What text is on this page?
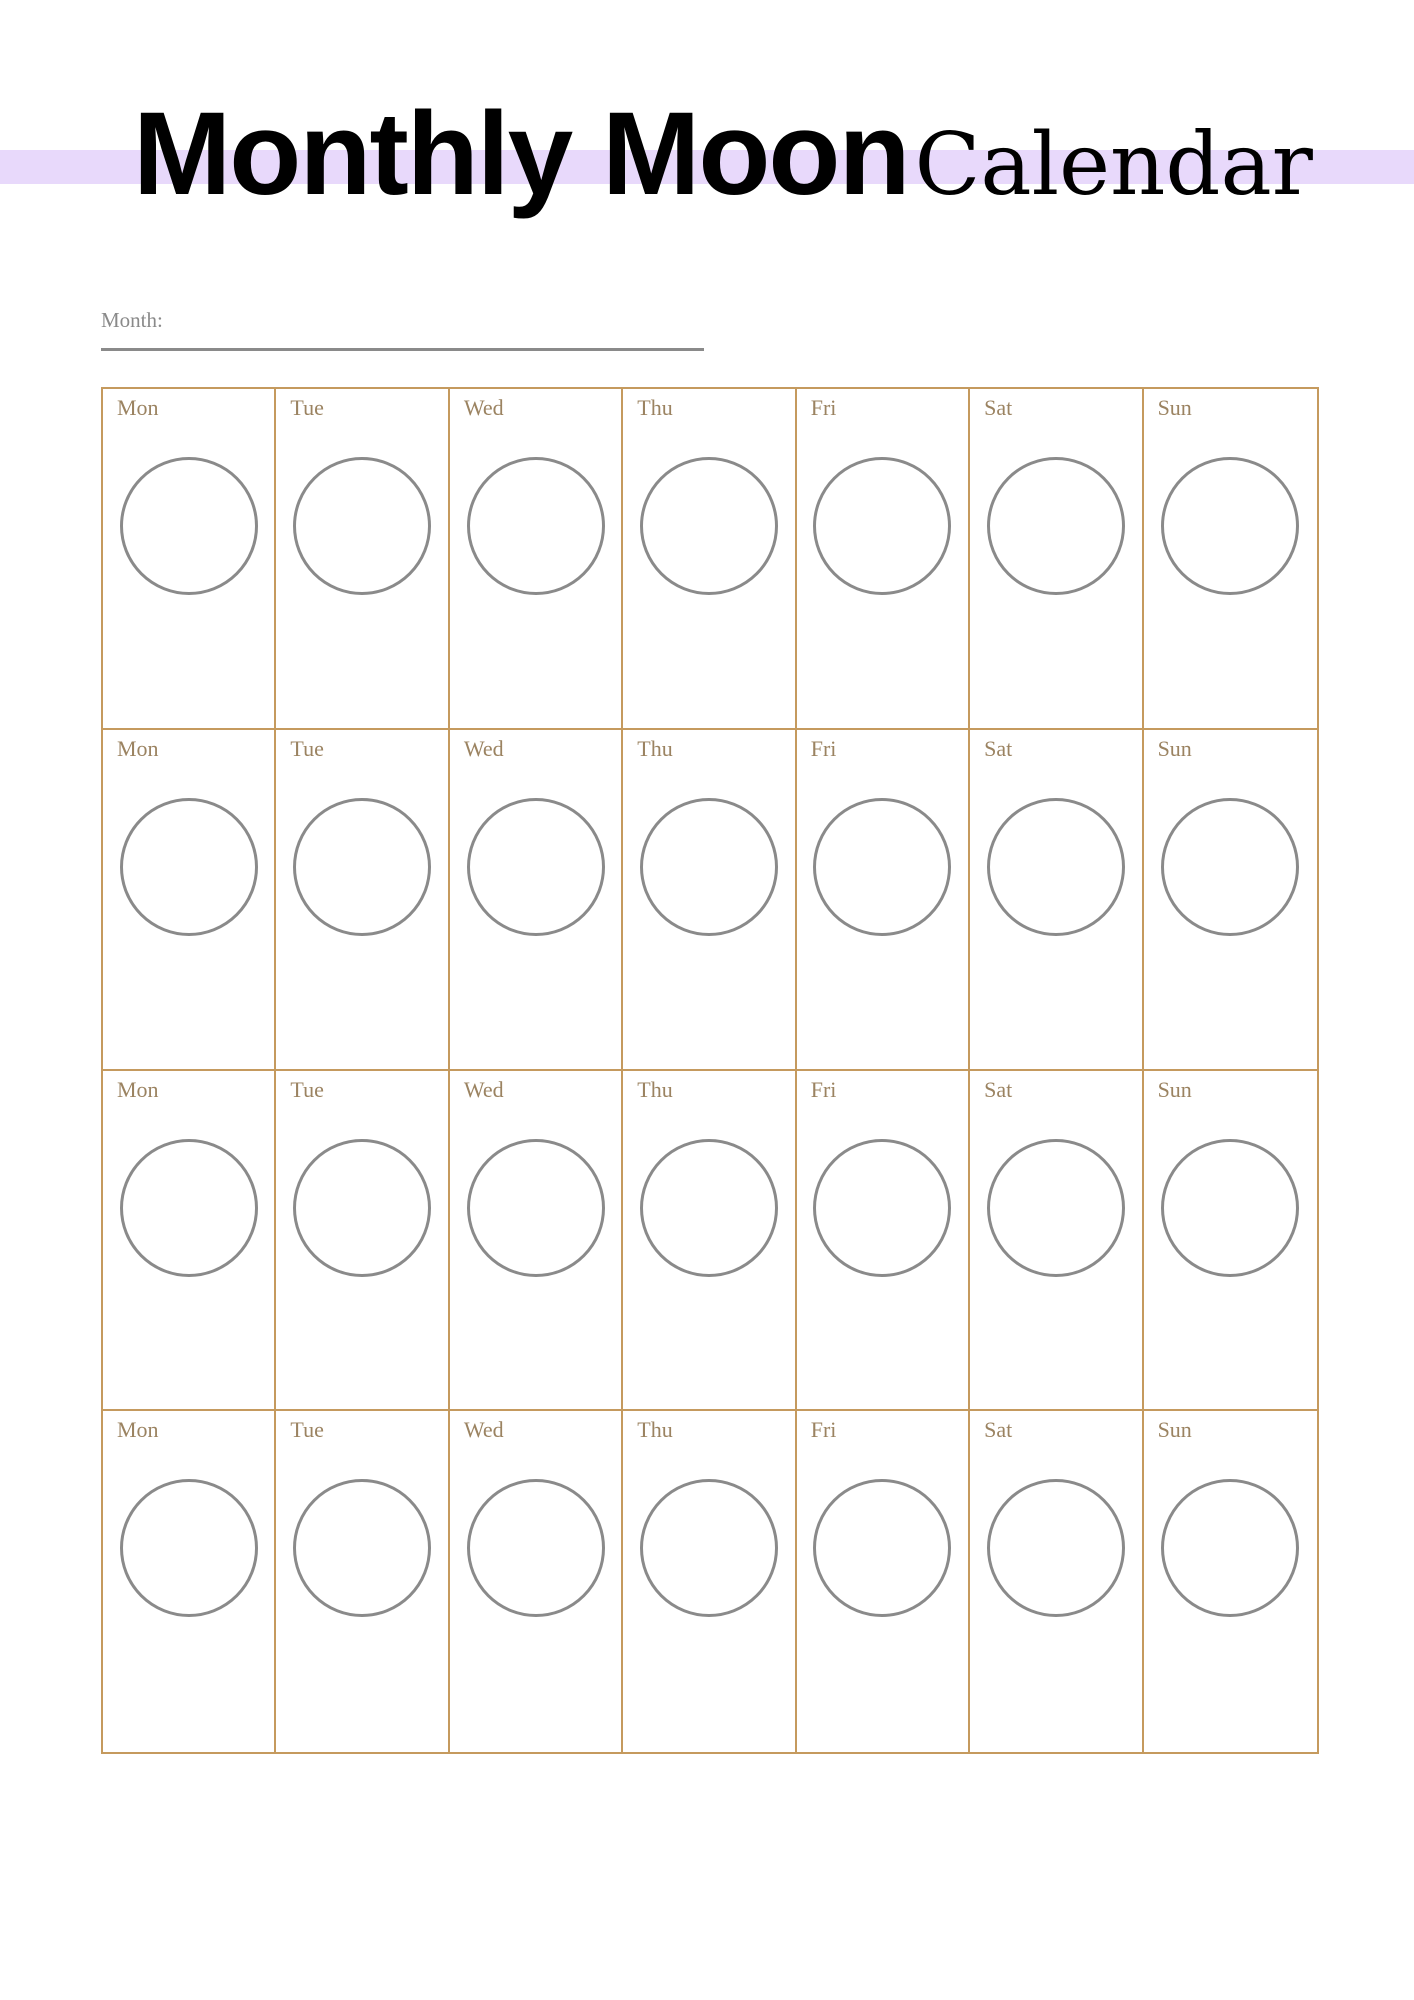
Monthly MoonCalendar
Month:
Mon	Tue	Wed	Thu	Fri	Sat	Sun
Mon	Tue	Wed	Thu	Fri	Sat	Sun
Mon	Tue	Wed	Thu	Fri	Sat	Sun
Mon	Tue	Wed	Thu	Fri	Sat	Sun
